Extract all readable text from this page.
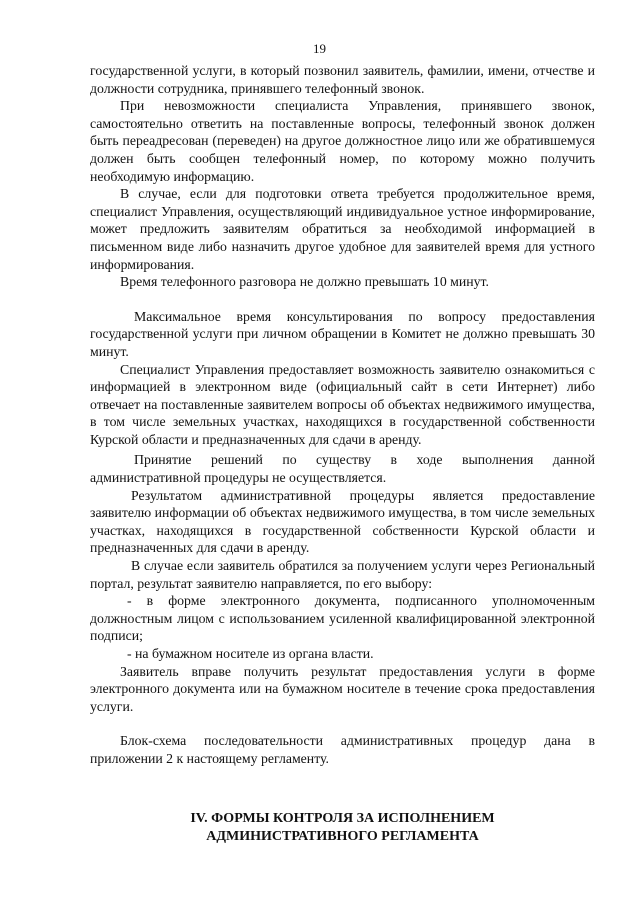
19

государственной услуги, в который позвонил заявитель, фамилии, имени, отчестве и должности сотрудника, принявшего телефонный звонок.

При невозможности специалиста Управления, принявшего звонок, самостоятельно ответить на поставленные вопросы, телефонный звонок должен быть переадресован (переведен) на другое должностное лицо или же обратившемуся должен быть сообщен телефонный номер, по которому можно получить необходимую информацию.

В случае, если для подготовки ответа требуется продолжительное время, специалист Управления, осуществляющий индивидуальное устное информирование, может предложить заявителям обратиться за необходимой информацией в письменном виде либо назначить другое удобное для заявителей время для устного информирования.

Время телефонного разговора не должно превышать 10 минут.

Максимальное время консультирования по вопросу предоставления государственной услуги при личном обращении в Комитет не должно превышать 30 минут.

Специалист Управления предоставляет возможность заявителю ознакомиться с информацией в электронном виде (официальный сайт в сети Интернет) либо отвечает на поставленные заявителем вопросы об объектах недвижимого имущества, в том числе земельных участках, находящихся в государственной собственности Курской области и предназначенных для сдачи в аренду.

Принятие решений по существу в ходе выполнения данной административной процедуры не осуществляется.

Результатом административной процедуры является предоставление заявителю информации об объектах недвижимого имущества, в том числе земельных участках, находящихся в государственной собственности Курской области и предназначенных для сдачи в аренду.

В случае если заявитель обратился за получением услуги через Региональный портал, результат заявителю направляется, по его выбору:

- в форме электронного документа, подписанного уполномоченным должностным лицом с использованием усиленной квалифицированной электронной подписи;

- на бумажном носителе из органа власти.

Заявитель вправе получить результат предоставления услуги в форме электронного документа или на бумажном носителе в течение срока предоставления услуги.

Блок-схема последовательности административных процедур дана в приложении 2 к настоящему регламенту.

IV. ФОРМЫ КОНТРОЛЯ ЗА ИСПОЛНЕНИЕМ
АДМИНИСТРАТИВНОГО РЕГЛАМЕНТА
